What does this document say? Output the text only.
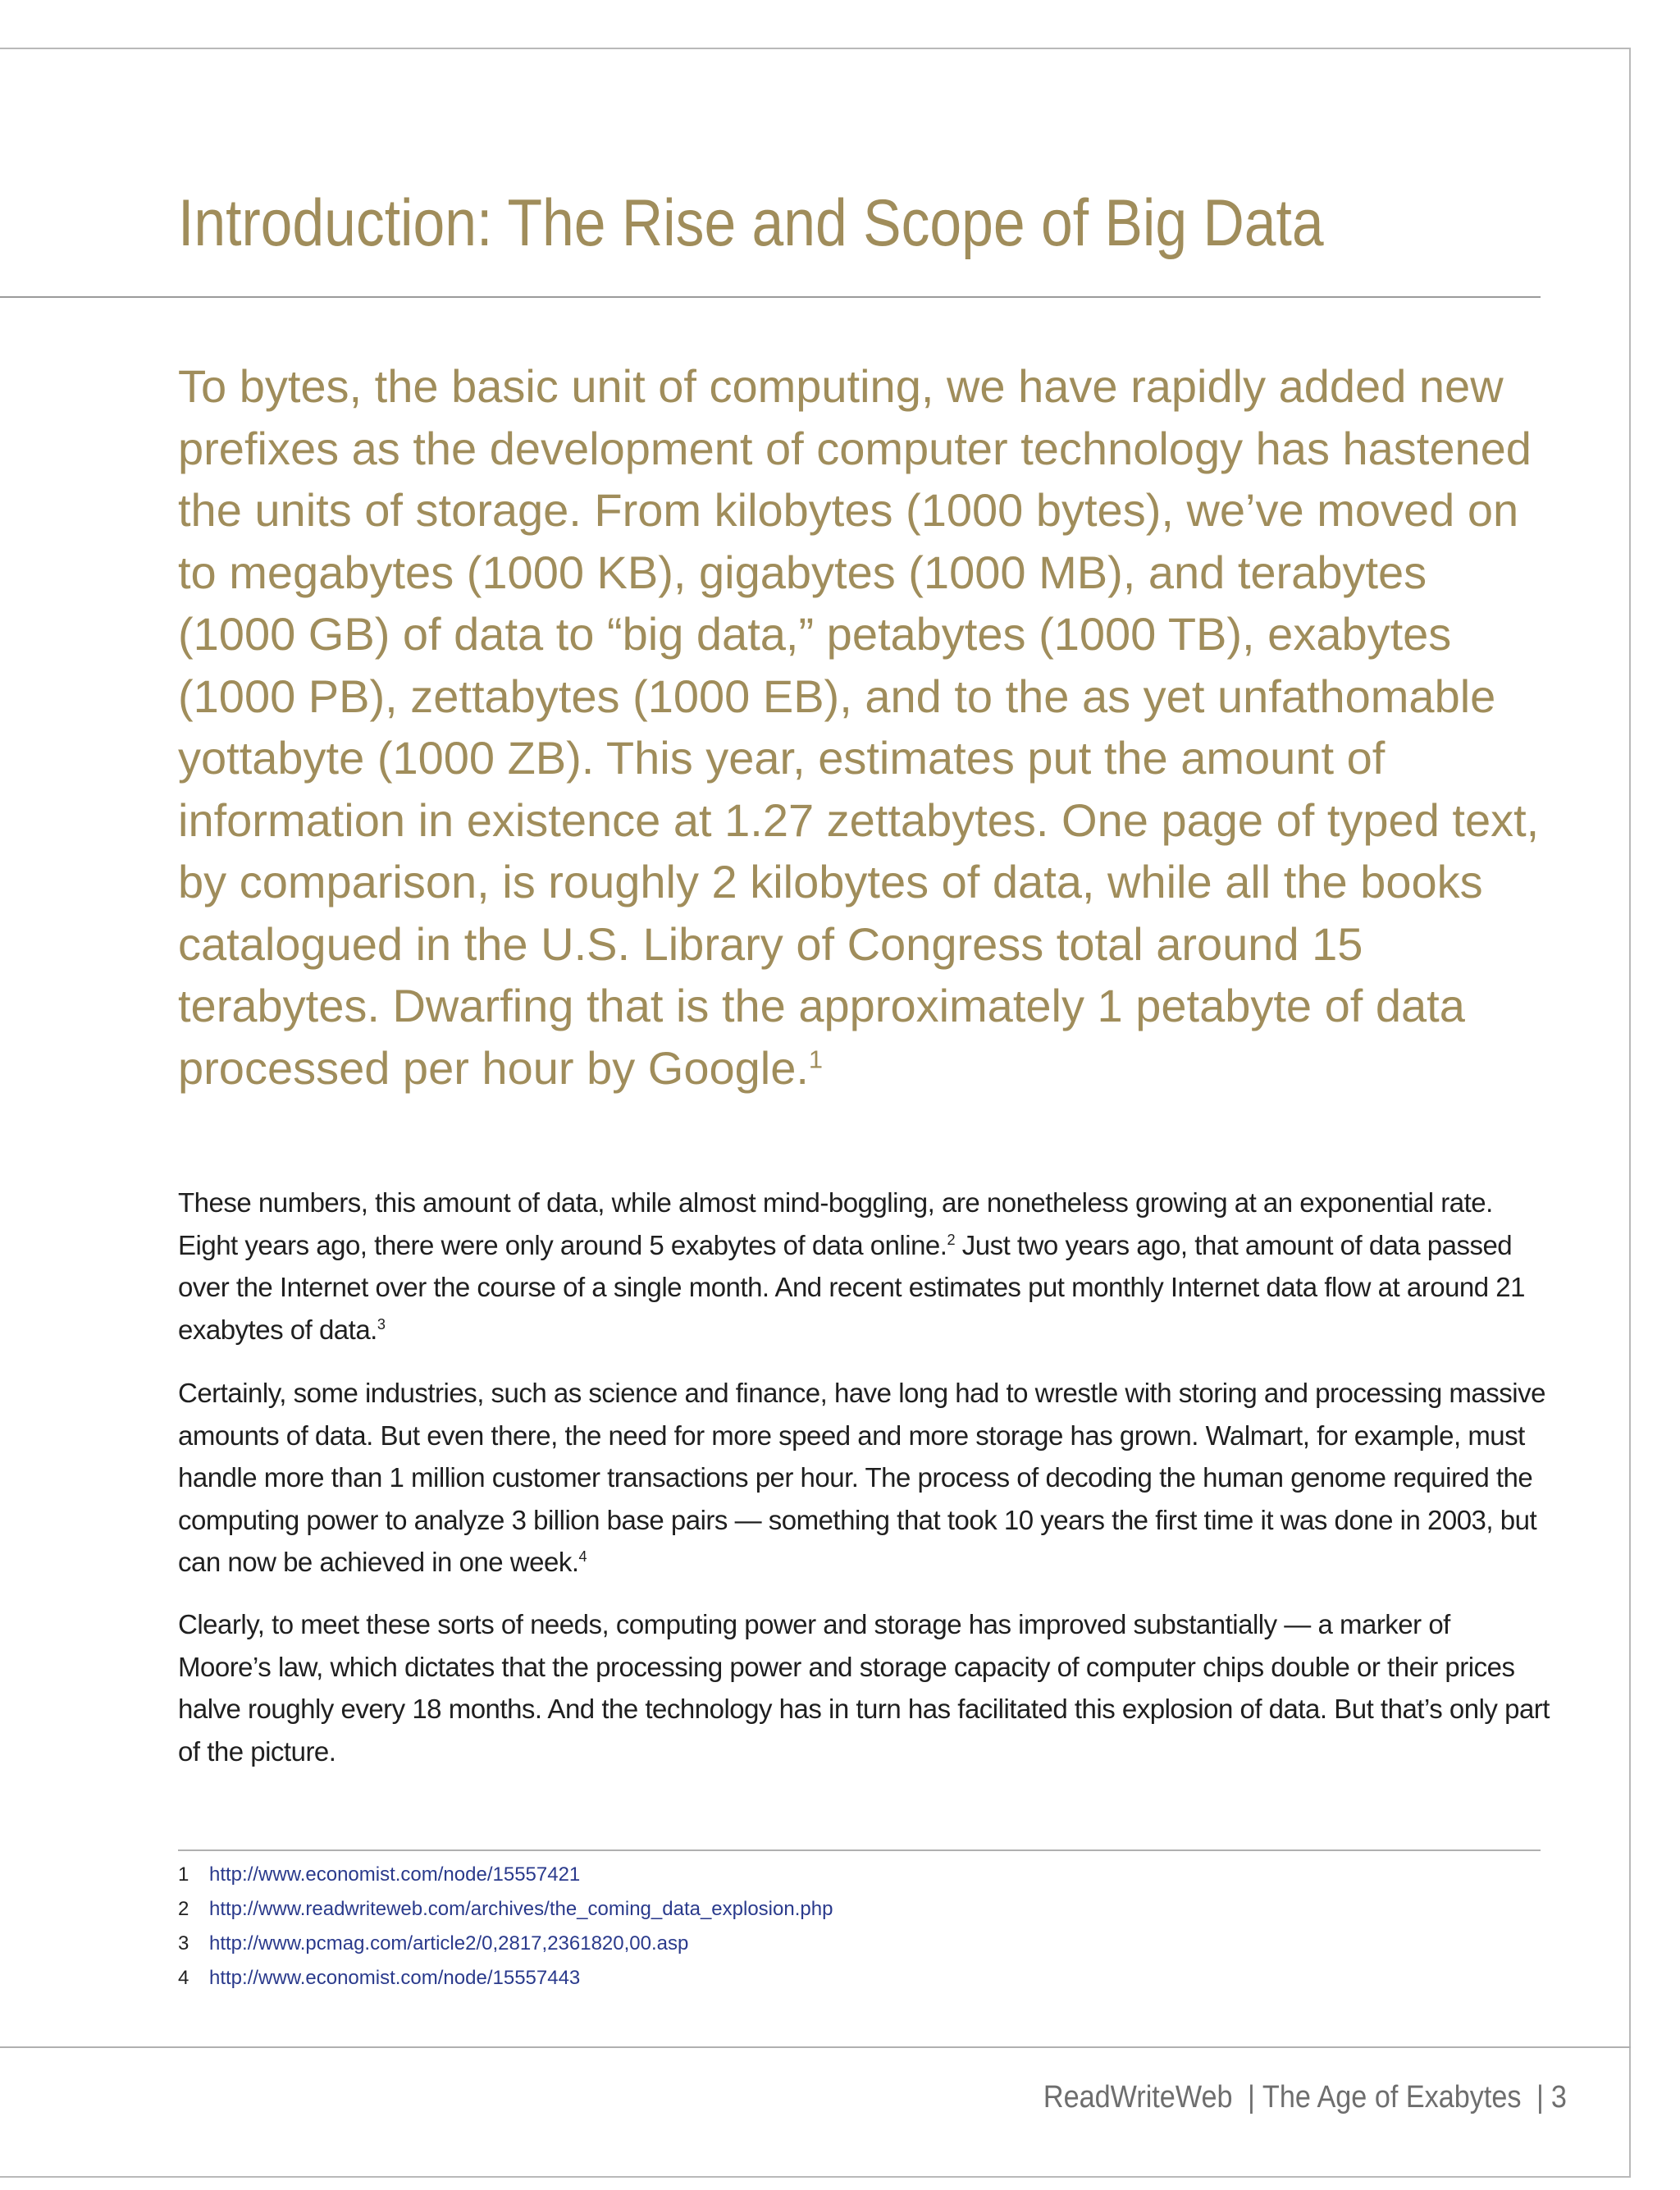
Introduction: The Rise and Scope of Big Data

To bytes, the basic unit of computing, we have rapidly added new prefixes as the development of computer technology has hastened the units of storage. From kilobytes (1000 bytes), we’ve moved on to megabytes (1000 KB), gigabytes (1000 MB), and terabytes (1000 GB) of data to “big data,” petabytes (1000 TB), exabytes (1000 PB), zettabytes (1000 EB), and to the as yet unfathomable yottabyte (1000 ZB). This year, estimates put the amount of information in existence at 1.27 zettabytes. One page of typed text, by comparison, is roughly 2 kilobytes of data, while all the books catalogued in the U.S. Library of Congress total around 15 terabytes. Dwarfing that is the approximately 1 petabyte of data processed per hour by Google.$^1$

These numbers, this amount of data, while almost mind-boggling, are nonetheless growing at an exponential rate. Eight years ago, there were only around 5 exabytes of data online.$^2$ Just two years ago, that amount of data passed over the Internet over the course of a single month. And recent estimates put monthly Internet data flow at around 21 exabytes of data.$^3$

Certainly, some industries, such as science and finance, have long had to wrestle with storing and processing massive amounts of data. But even there, the need for more speed and more storage has grown. Walmart, for example, must handle more than 1 million customer transactions per hour. The process of decoding the human genome required the computing power to analyze 3 billion base pairs — something that took 10 years the first time it was done in 2003, but can now be achieved in one week.$^4$

Clearly, to meet these sorts of needs, computing power and storage has improved substantially — a marker of Moore’s law, which dictates that the processing power and storage capacity of computer chips double or their prices halve roughly every 18 months. And the technology has in turn has facilitated this explosion of data. But that’s only part of the picture.

1 http://www.economist.com/node/15557421
2 http://www.readwriteweb.com/archives/the_coming_data_explosion.php
3 http://www.pcmag.com/article2/0,2817,2361820,00.asp
4 http://www.economist.com/node/15557443
ReadWriteWeb | The Age of Exabytes | 3
